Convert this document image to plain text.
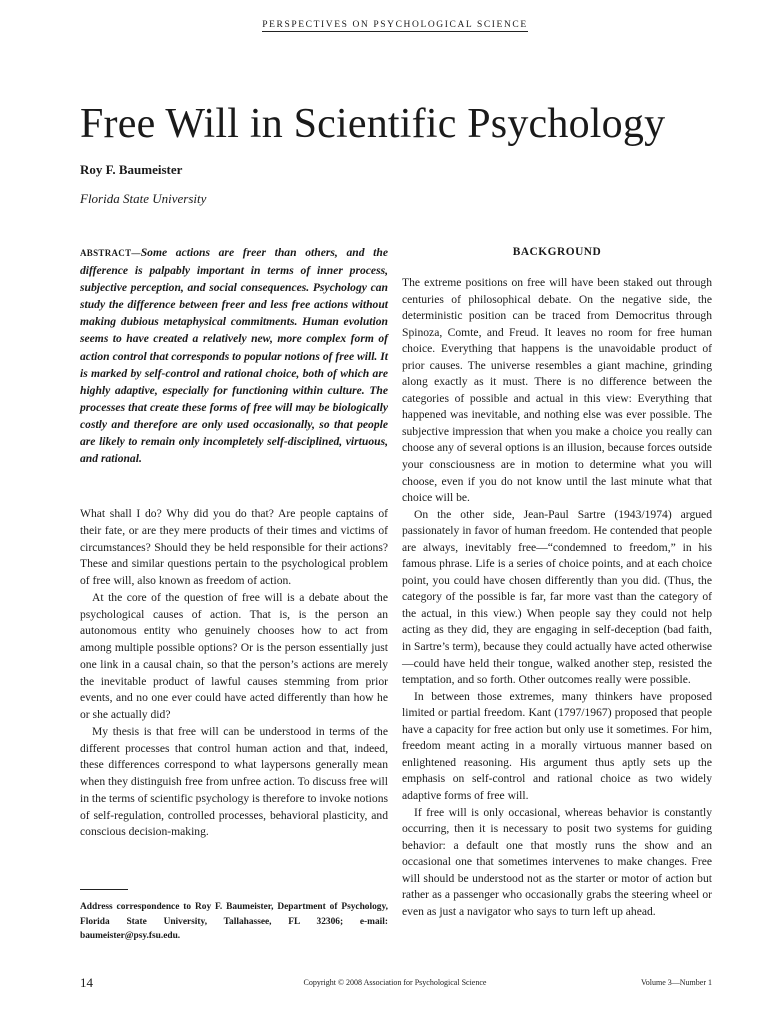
PERSPECTIVES ON PSYCHOLOGICAL SCIENCE
Free Will in Scientific Psychology
Roy F. Baumeister
Florida State University

ABSTRACT—Some actions are freer than others, and the difference is palpably important in terms of inner process, subjective perception, and social consequences. Psychology can study the difference between freer and less free actions without making dubious metaphysical commitments. Human evolution seems to have created a relatively new, more complex form of action control that corresponds to popular notions of free will. It is marked by self-control and rational choice, both of which are highly adaptive, especially for functioning within culture. The processes that create these forms of free will may be biologically costly and therefore are only used occasionally, so that people are likely to remain only incompletely self-disciplined, virtuous, and rational.

What shall I do? Why did you do that? Are people captains of their fate, or are they mere products of their times and victims of circumstances? Should they be held responsible for their actions? These and similar questions pertain to the psychological problem of free will, also known as freedom of action.

At the core of the question of free will is a debate about the psychological causes of action. That is, is the person an autonomous entity who genuinely chooses how to act from among multiple possible options? Or is the person essentially just one link in a causal chain, so that the person’s actions are merely the inevitable product of lawful causes stemming from prior events, and no one ever could have acted differently than how he or she actually did?

My thesis is that free will can be understood in terms of the different processes that control human action and that, indeed, these differences correspond to what laypersons generally mean when they distinguish free from unfree action. To discuss free will in the terms of scientific psychology is therefore to invoke notions of self-regulation, controlled processes, behavioral plasticity, and conscious decision-making.

Address correspondence to Roy F. Baumeister, Department of Psychology, Florida State University, Tallahassee, FL 32306; e-mail: baumeister@psy.fsu.edu.
BACKGROUND

The extreme positions on free will have been staked out through centuries of philosophical debate. On the negative side, the deterministic position can be traced from Democritus through Spinoza, Comte, and Freud. It leaves no room for free human choice. Everything that happens is the unavoidable product of prior causes. The universe resembles a giant machine, grinding along exactly as it must. There is no difference between the categories of possible and actual in this view: Everything that happened was inevitable, and nothing else was ever possible. The subjective impression that when you make a choice you really can choose any of several options is an illusion, because forces outside your consciousness are in motion to determine what you will choose, even if you do not know until the last minute what that choice will be.

On the other side, Jean-Paul Sartre (1943/1974) argued passionately in favor of human freedom. He contended that people are always, inevitably free—“condemned to freedom,” in his famous phrase. Life is a series of choice points, and at each choice point, you could have chosen differently than you did. (Thus, the category of the possible is far, far more vast than the category of the actual, in this view.) When people say they could not help acting as they did, they are engaging in self-deception (bad faith, in Sartre’s term), because they could actually have acted otherwise—could have held their tongue, walked another step, resisted the temptation, and so forth. Other outcomes really were possible.

In between those extremes, many thinkers have proposed limited or partial freedom. Kant (1797/1967) proposed that people have a capacity for free action but only use it sometimes. For him, freedom meant acting in a morally virtuous manner based on enlightened reasoning. His argument thus aptly sets up the emphasis on self-control and rational choice as two widely adaptive forms of free will.

If free will is only occasional, whereas behavior is constantly occurring, then it is necessary to posit two systems for guiding behavior: a default one that mostly runs the show and an occasional one that sometimes intervenes to make changes. Free will should be understood not as the starter or motor of action but rather as a passenger who occasionally grabs the steering wheel or even as just a navigator who says to turn left up ahead.

14	Copyright © 2008 Association for Psychological Science	Volume 3—Number 1
